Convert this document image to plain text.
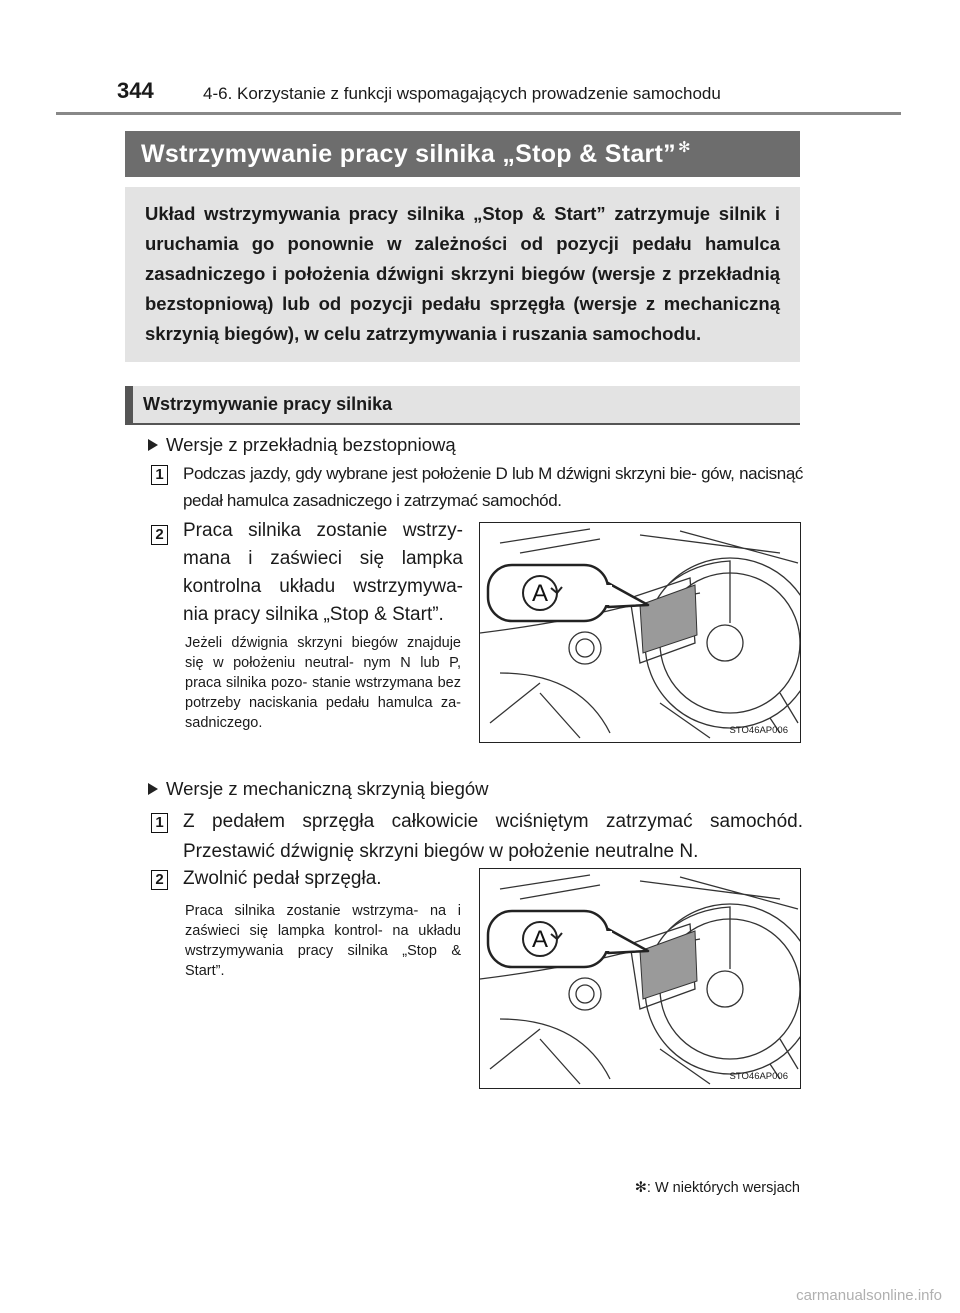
344	4-6. Korzystanie z funkcji wspomagających prowadzenie samochodu
Wstrzymywanie pracy silnika „Stop & Start”✻
Układ wstrzymywania pracy silnika „Stop & Start” zatrzymuje silnik i uruchamia go ponownie w zależności od pozycji pedału hamulca zasadniczego i położenia dźwigni skrzyni biegów (wersje z przekładnią bezstopniową) lub od pozycji pedału sprzęgła (wersje z mechaniczną skrzynią biegów), w celu zatrzymywania i ruszania samochodu.
Wstrzymywanie pracy silnika
Wersje z przekładnią bezstopniową
1 Podczas jazdy, gdy wybrane jest położenie D lub M dźwigni skrzyni bie- gów, nacisnąć pedał hamulca zasadniczego i zatrzymać samochód.
2 Praca silnika zostanie wstrzy- mana i zaświeci się lampka kontrolna układu wstrzymywa- nia pracy silnika „Stop & Start”.
Jeżeli dźwignia skrzyni biegów znajduje się w położeniu neutral- nym N lub P, praca silnika pozo- stanie wstrzymana bez potrzeby naciskania pedału hamulca za- sadniczego.
A
STO46AP006
Wersje z mechaniczną skrzynią biegów
1 Z pedałem sprzęgła całkowicie wciśniętym zatrzymać samochód. Przestawić dźwignię skrzyni biegów w położenie neutralne N.
2 Zwolnić pedał sprzęgła.
Praca silnika zostanie wstrzyma- na i zaświeci się lampka kontrol- na układu wstrzymywania pracy silnika „Stop & Start”.
A
STO46AP006
✻: W niektórych wersjach
carmanualsonline.info
